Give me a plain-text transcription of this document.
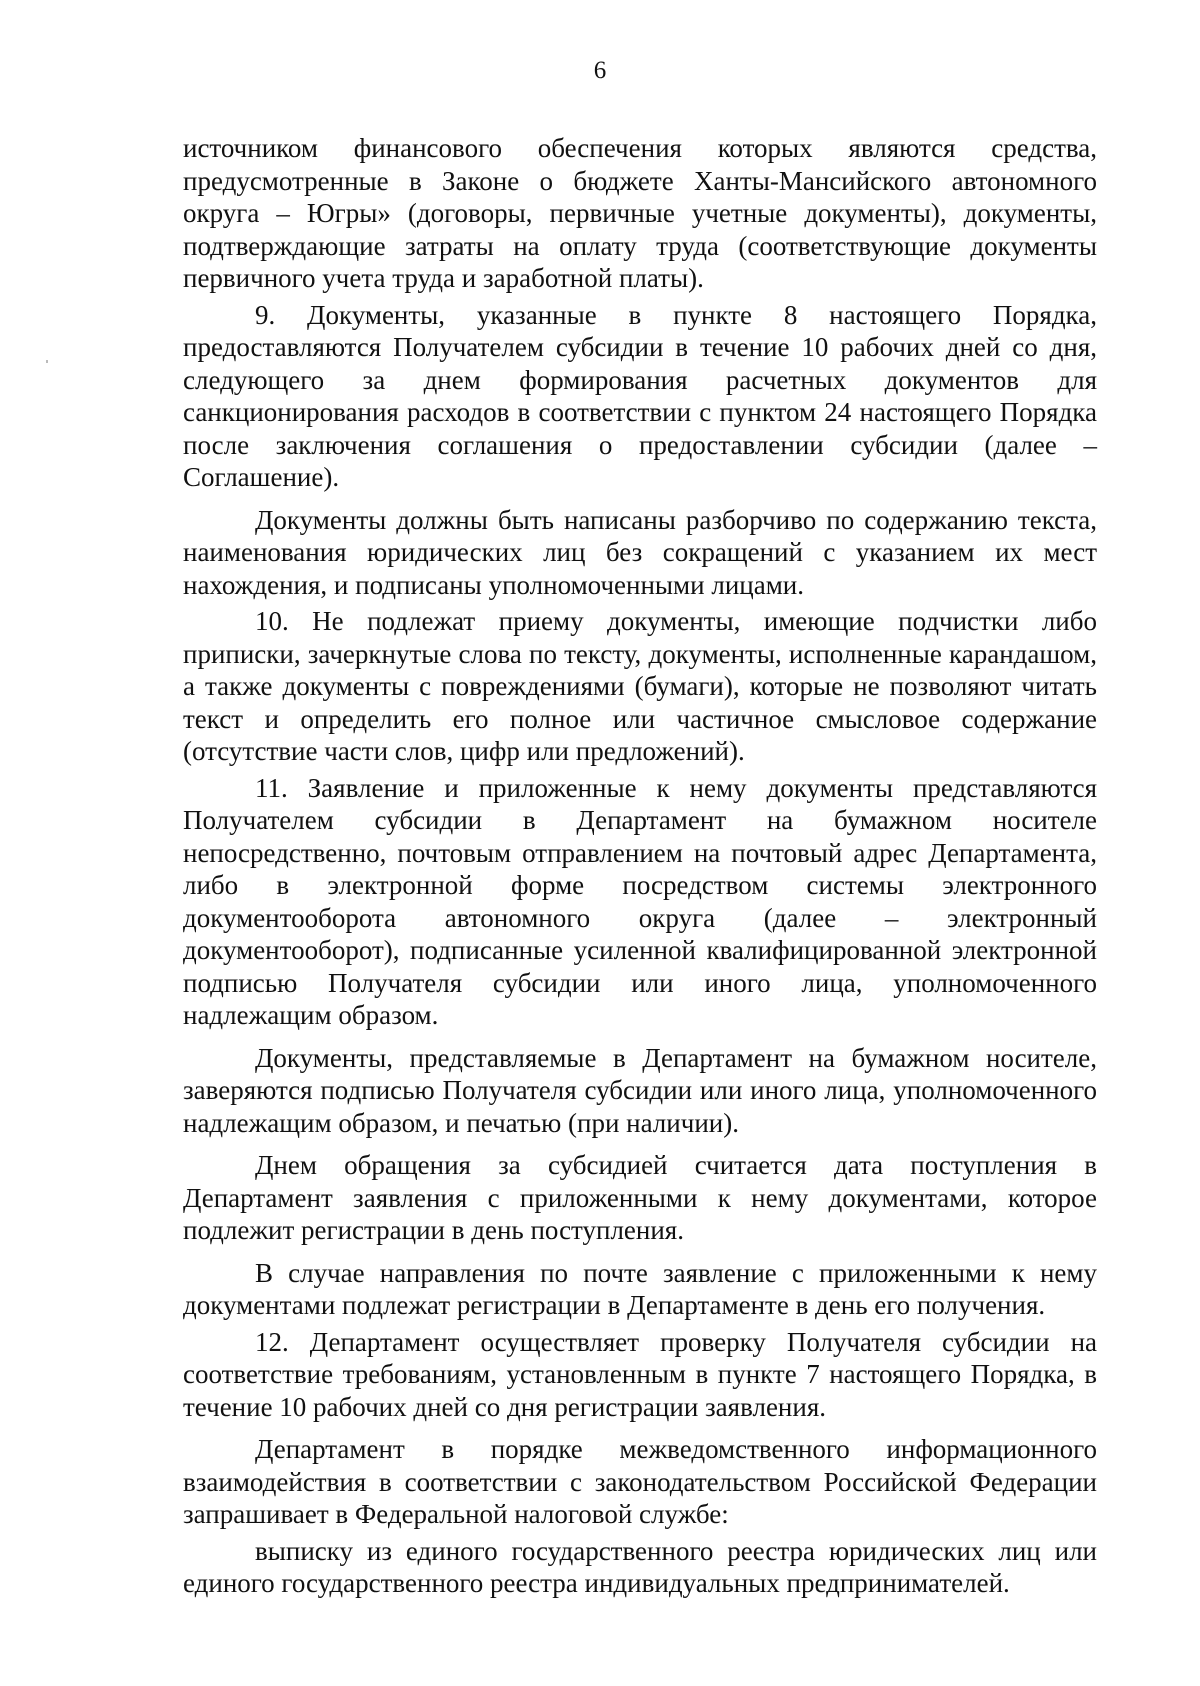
6

источником финансового обеспечения которых являются средства, предусмотренные в Законе о бюджете Ханты-Мансийского автономного округа – Югры» (договоры, первичные учетные документы), документы, подтверждающие затраты на оплату труда (соответствующие документы первичного учета труда и заработной платы).

9. Документы, указанные в пункте 8 настоящего Порядка, предоставляются Получателем субсидии в течение 10 рабочих дней со дня, следующего за днем формирования расчетных документов для санкционирования расходов в соответствии с пунктом 24 настоящего Порядка после заключения соглашения о предоставлении субсидии (далее – Соглашение).

Документы должны быть написаны разборчиво по содержанию текста, наименования юридических лиц без сокращений с указанием их мест нахождения, и подписаны уполномоченными лицами.

10. Не подлежат приему документы, имеющие подчистки либо приписки, зачеркнутые слова по тексту, документы, исполненные карандашом, а также документы с повреждениями (бумаги), которые не позволяют читать текст и определить его полное или частичное смысловое содержание (отсутствие части слов, цифр или предложений).

11. Заявление и приложенные к нему документы представляются Получателем субсидии в Департамент на бумажном носителе непосредственно, почтовым отправлением на почтовый адрес Департамента, либо в электронной форме посредством системы электронного документооборота автономного округа (далее – электронный документооборот), подписанные усиленной квалифицированной электронной подписью Получателя субсидии или иного лица, уполномоченного надлежащим образом.

Документы, представляемые в Департамент на бумажном носителе, заверяются подписью Получателя субсидии или иного лица, уполномоченного надлежащим образом, и печатью (при наличии).

Днем обращения за субсидией считается дата поступления в Департамент заявления с приложенными к нему документами, которое подлежит регистрации в день поступления.

В случае направления по почте заявление с приложенными к нему документами подлежат регистрации в Департаменте в день его получения.

12. Департамент осуществляет проверку Получателя субсидии на соответствие требованиям, установленным в пункте 7 настоящего Порядка, в течение 10 рабочих дней со дня регистрации заявления.

Департамент в порядке межведомственного информационного взаимодействия в соответствии с законодательством Российской Федерации запрашивает в Федеральной налоговой службе:

выписку из единого государственного реестра юридических лиц или единого государственного реестра индивидуальных предпринимателей.
